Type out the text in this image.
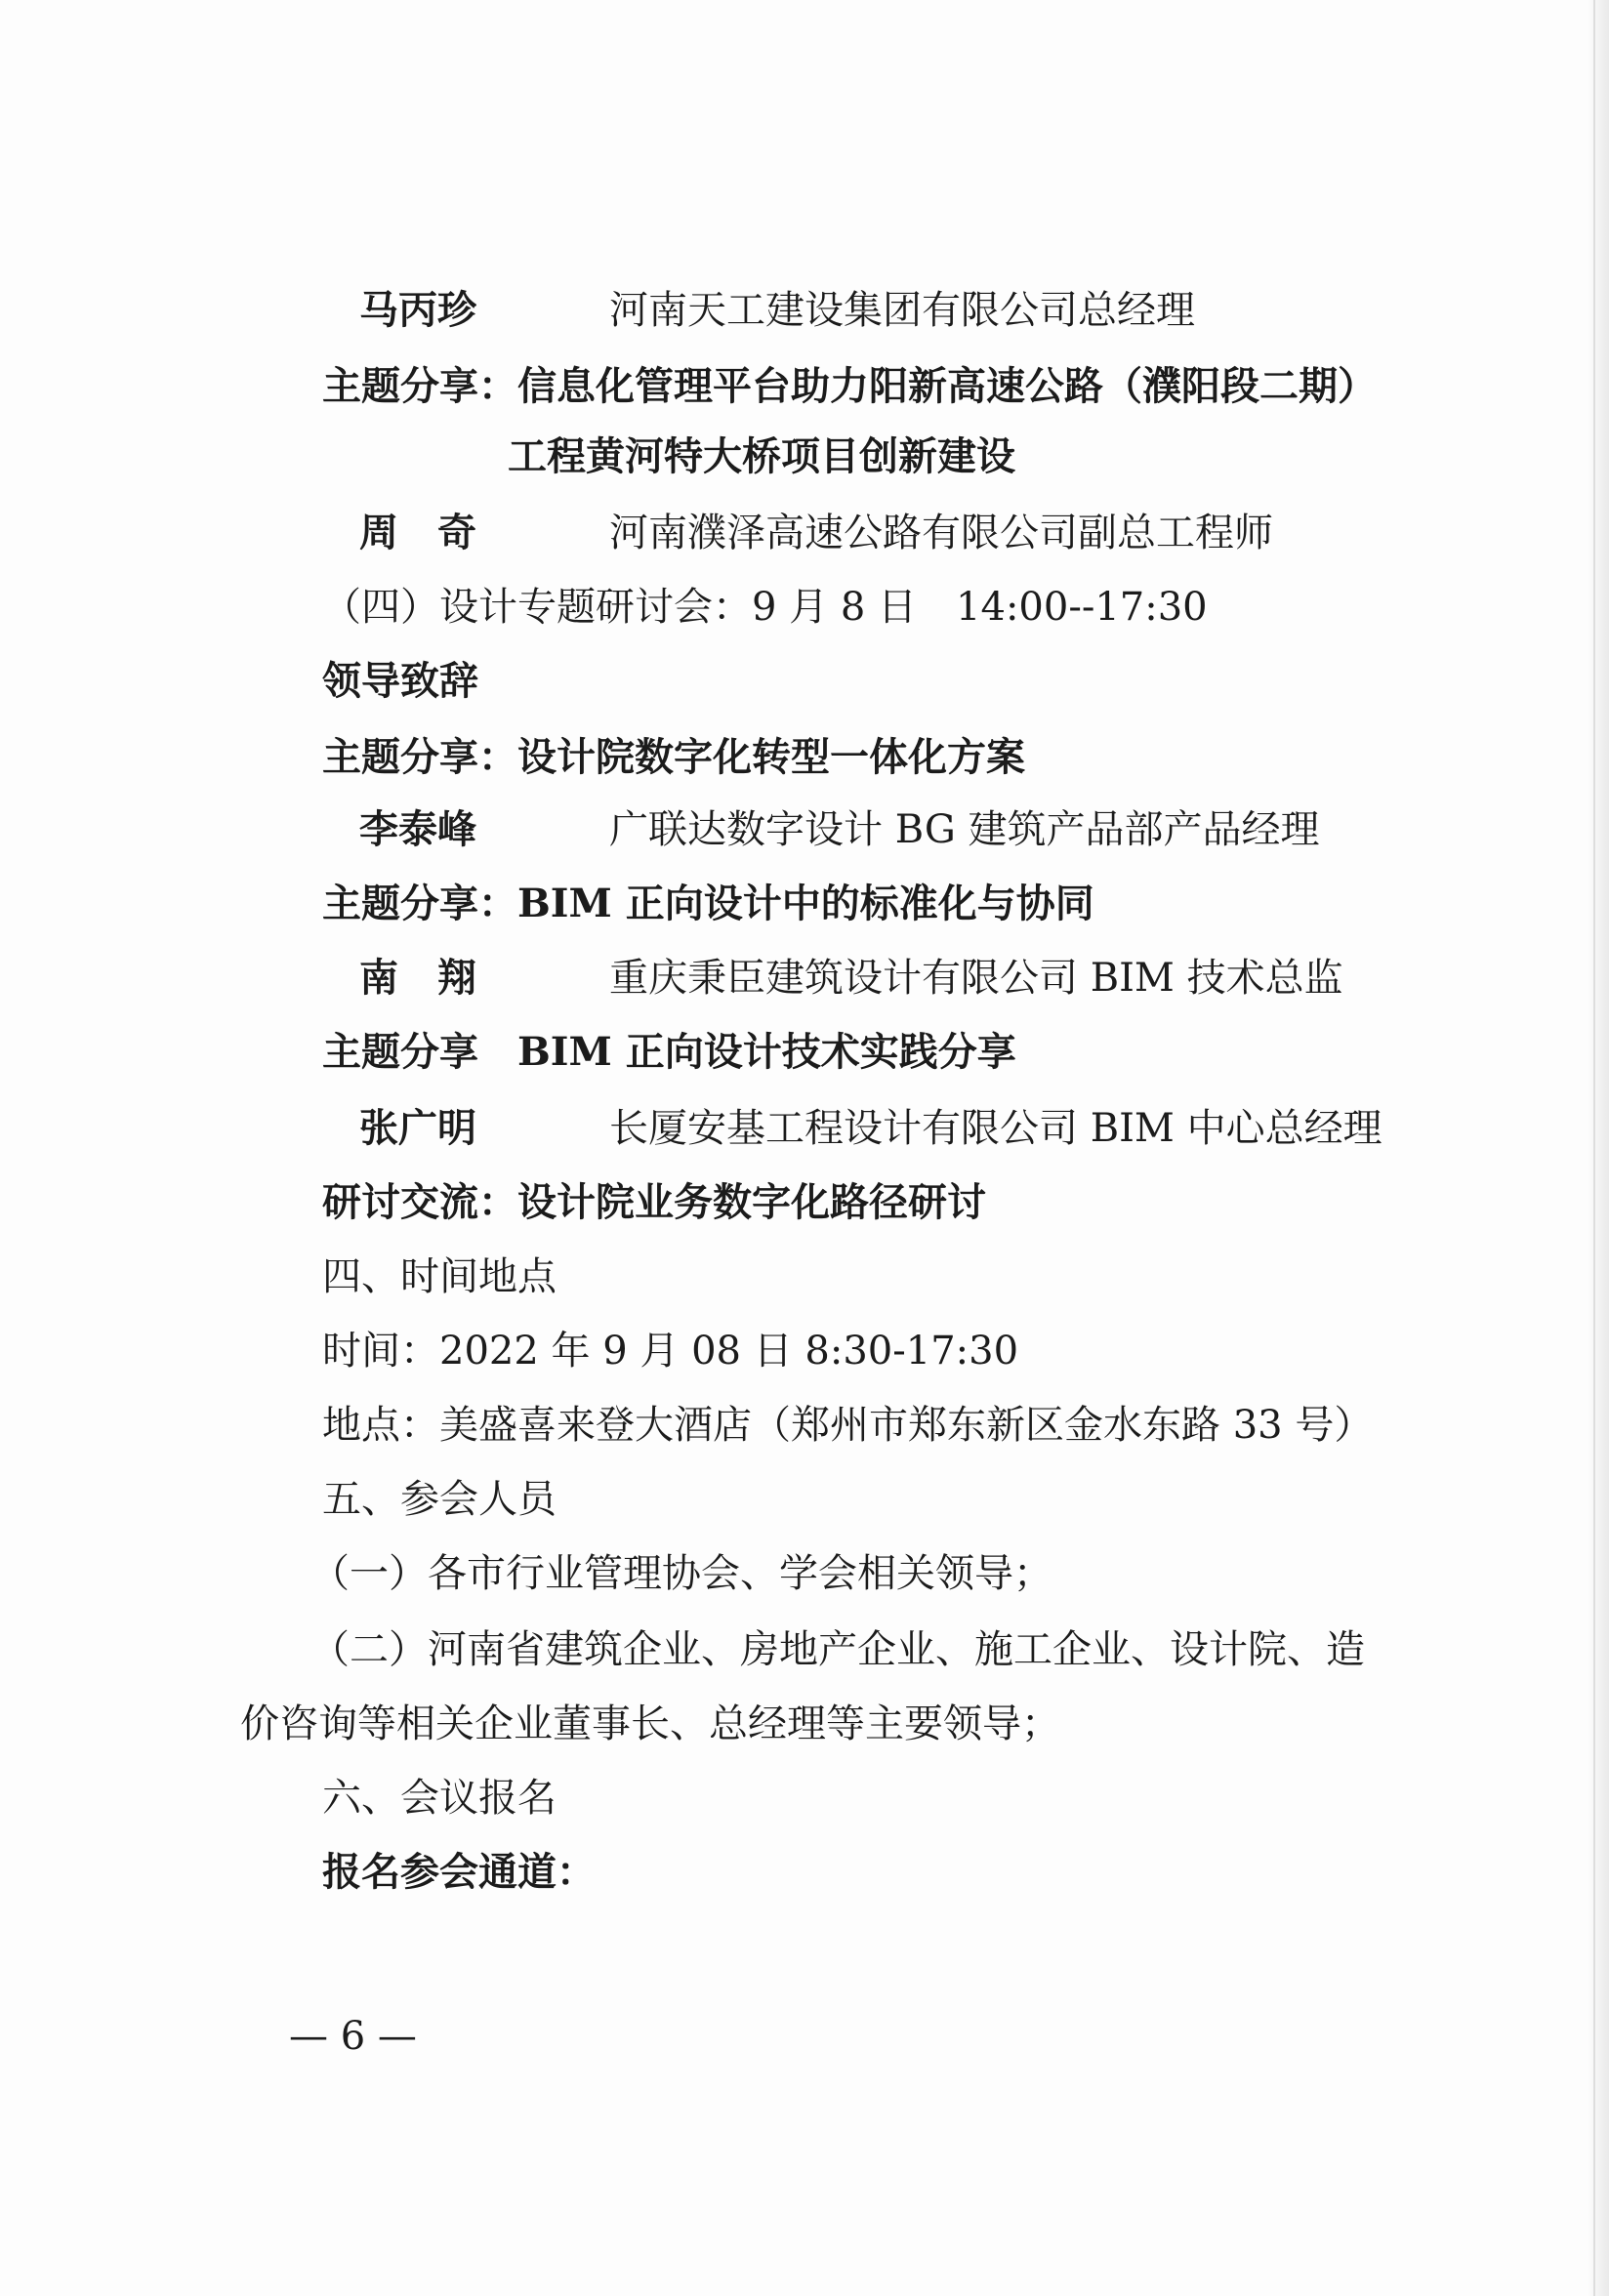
马丙珍	河南天工建设集团有限公司总经理
主题分享：信息化管理平台助力阳新高速公路（濮阳段二期）
工程黄河特大桥项目创新建设
周　奇	河南濮泽高速公路有限公司副总工程师
（四）设计专题研讨会：9 月 8 日　14:00--17:30
领导致辞
主题分享：设计院数字化转型一体化方案
李泰峰	广联达数字设计 BG 建筑产品部产品经理
主题分享：BIM 正向设计中的标准化与协同
南　翔	重庆秉臣建筑设计有限公司 BIM 技术总监
主题分享　BIM 正向设计技术实践分享
张广明	长厦安基工程设计有限公司 BIM 中心总经理
研讨交流：设计院业务数字化路径研讨
四、时间地点
时间：2022 年 9 月 08 日 8:30-17:30
地点：美盛喜来登大酒店（郑州市郑东新区金水东路 33 号）
五、参会人员
（一）各市行业管理协会、学会相关领导；
（二）河南省建筑企业、房地产企业、施工企业、设计院、造
价咨询等相关企业董事长、总经理等主要领导；
六、会议报名
报名参会通道：
— 6 —
